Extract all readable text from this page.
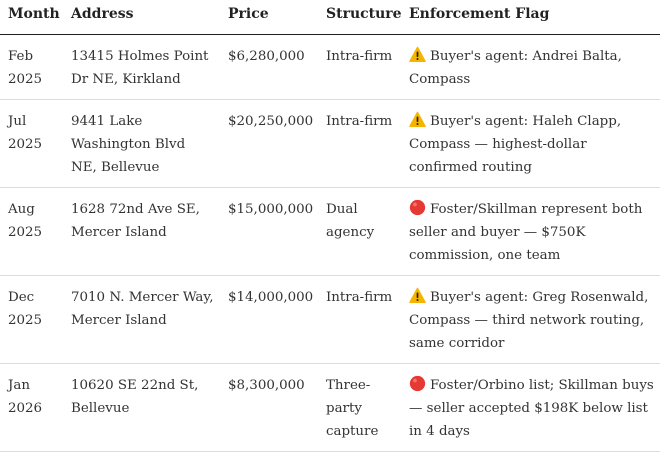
Month	Address	Price	Structure	Enforcement Flag
Feb 2025	13415 Holmes Point Dr NE, Kirkland	$6,280,000	Intra-firm	Buyer's agent: Andrei Balta, Compass
Jul 2025	9441 Lake Washington Blvd NE, Bellevue	$20,250,000	Intra-firm	Buyer's agent: Haleh Clapp, Compass — highest-dollar confirmed routing
Aug 2025	1628 72nd Ave SE, Mercer Island	$15,000,000	Dual agency	Foster/Skillman represent both seller and buyer — $750K commission, one team
Dec 2025	7010 N. Mercer Way, Mercer Island	$14,000,000	Intra-firm	Buyer's agent: Greg Rosenwald, Compass — third network routing, same corridor
Jan 2026	10620 SE 22nd St, Bellevue	$8,300,000	Three-party capture	Foster/Orbino list; Skillman buys — seller accepted $198K below list in 4 days
